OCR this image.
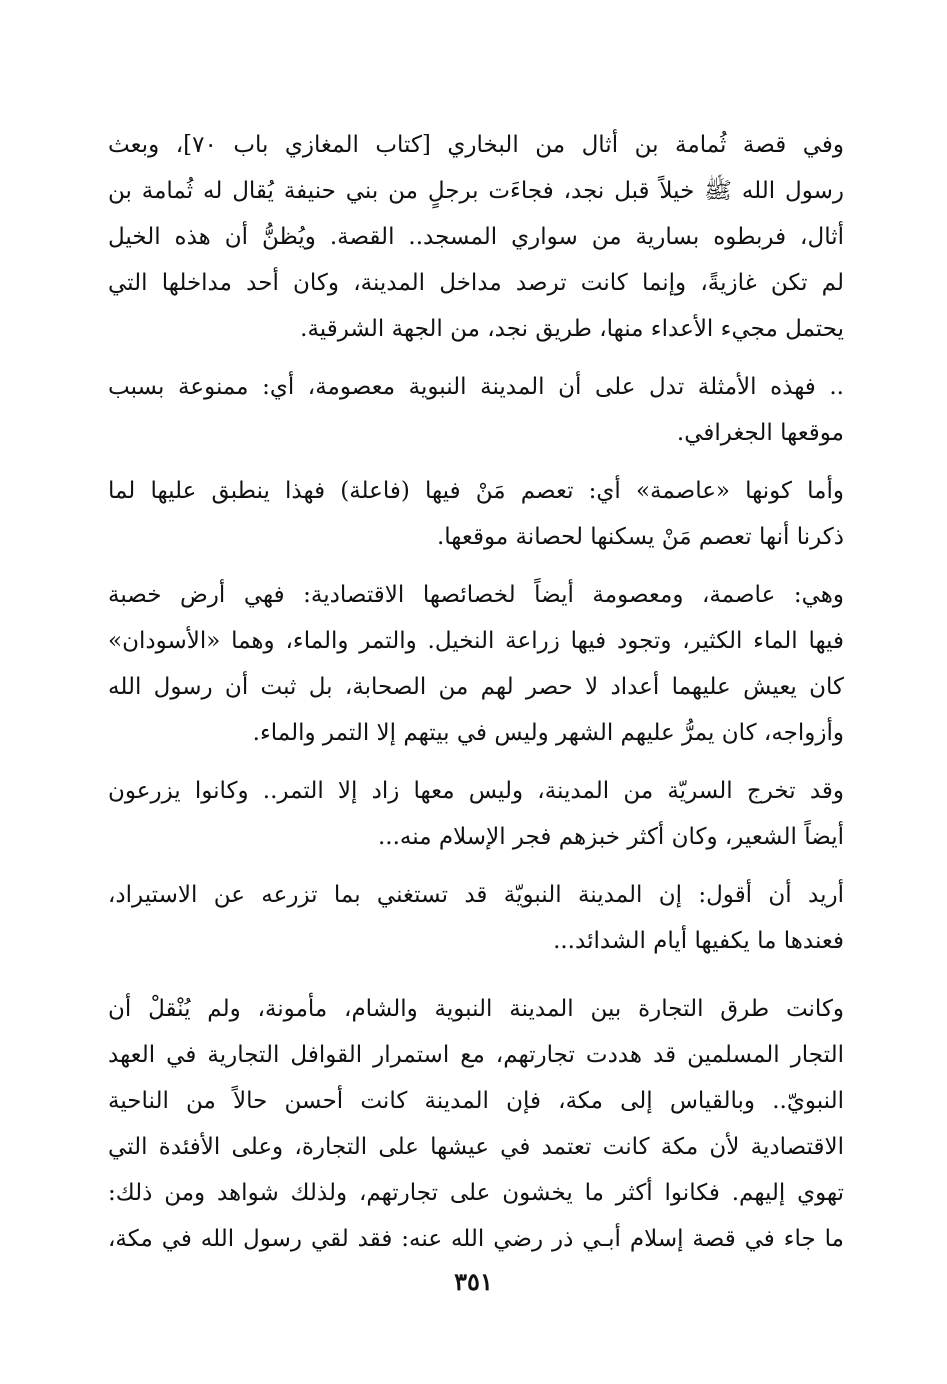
وفي قصة ثُمامة بن أثال من البخاري [كتاب المغازي باب ٧٠]، وبعث
رسول الله ﷺ خيلاً قبل نجد، فجاءَت برجلٍ من بني حنيفة يُقال له ثُمامة بن
أثال، فربطوه بسارية من سواري المسجد.. القصة. ويُظنُّ أن هذه الخيل
لم تكن غازيةً، وإنما كانت ترصد مداخل المدينة، وكان أحد مداخلها التي
يحتمل مجيء الأعداء منها، طريق نجد، من الجهة الشرقية.
.. فهذه الأمثلة تدل على أن المدينة النبوية معصومة، أي: ممنوعة بسبب
موقعها الجغرافي.
وأما كونها «عاصمة» أي: تعصم مَنْ فيها (فاعلة) فهذا ينطبق عليها لما
ذكرنا أنها تعصم مَنْ يسكنها لحصانة موقعها.
وهي: عاصمة، ومعصومة أيضاً لخصائصها الاقتصادية: فهي أرض خصبة
فيها الماء الكثير، وتجود فيها زراعة النخيل. والتمر والماء، وهما «الأسودان»
كان يعيش عليهما أعداد لا حصر لهم من الصحابة، بل ثبت أن رسول الله
وأزواجه، كان يمرُّ عليهم الشهر وليس في بيتهم إلا التمر والماء.
وقد تخرج السريّة من المدينة، وليس معها زاد إلا التمر.. وكانوا يزرعون
أيضاً الشعير، وكان أكثر خبزهم فجر الإسلام منه...
أريد أن أقول: إن المدينة النبويّة قد تستغني بما تزرعه عن الاستيراد،
فعندها ما يكفيها أيام الشدائد...
وكانت طرق التجارة بين المدينة النبوية والشام، مأمونة، ولم يُنْقلْ أن
التجار المسلمين قد هددت تجارتهم، مع استمرار القوافل التجارية في العهد
النبويّ.. وبالقياس إلى مكة، فإن المدينة كانت أحسن حالاً من الناحية
الاقتصادية لأن مكة كانت تعتمد في عيشها على التجارة، وعلى الأفئدة التي
تهوي إليهم. فكانوا أكثر ما يخشون على تجارتهم، ولذلك شواهد ومن ذلك:
ما جاء في قصة إسلام أبـي ذر رضي الله عنه: فقد لقي رسول الله في مكة،
٣٥١
